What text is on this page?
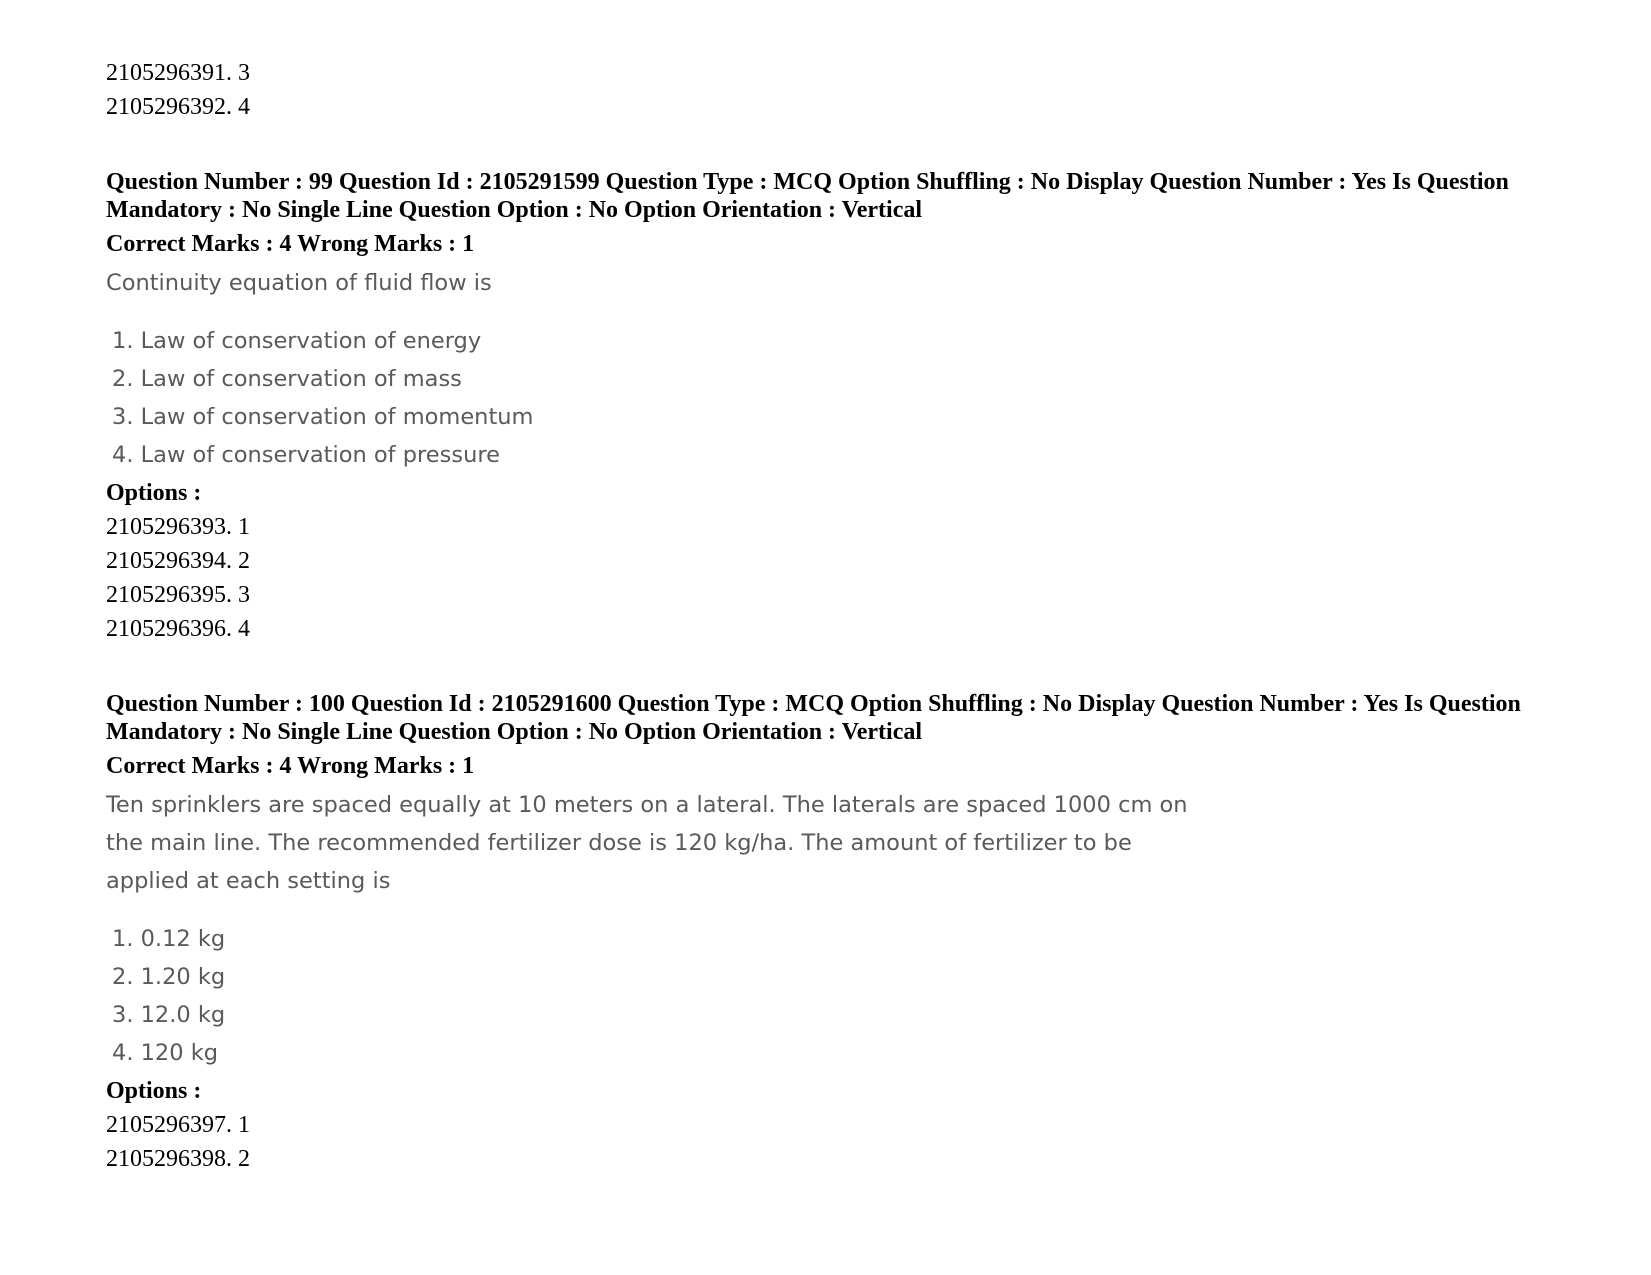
2105296391. 3
2105296392. 4
Question Number : 99 Question Id : 2105291599 Question Type : MCQ Option Shuffling : No Display Question Number : Yes Is Question Mandatory : No Single Line Question Option : No Option Orientation : Vertical
Correct Marks : 4 Wrong Marks : 1
Continuity equation of fluid flow is
1. Law of conservation of energy
2. Law of conservation of mass
3. Law of conservation of momentum
4. Law of conservation of pressure
Options :
2105296393. 1
2105296394. 2
2105296395. 3
2105296396. 4
Question Number : 100 Question Id : 2105291600 Question Type : MCQ Option Shuffling : No Display Question Number : Yes Is Question Mandatory : No Single Line Question Option : No Option Orientation : Vertical
Correct Marks : 4 Wrong Marks : 1
Ten sprinklers are spaced equally at 10 meters on a lateral. The laterals are spaced 1000 cm on the main line. The recommended fertilizer dose is 120 kg/ha. The amount of fertilizer to be applied at each setting is
1. 0.12 kg
2. 1.20 kg
3. 12.0 kg
4. 120 kg
Options :
2105296397. 1
2105296398. 2
